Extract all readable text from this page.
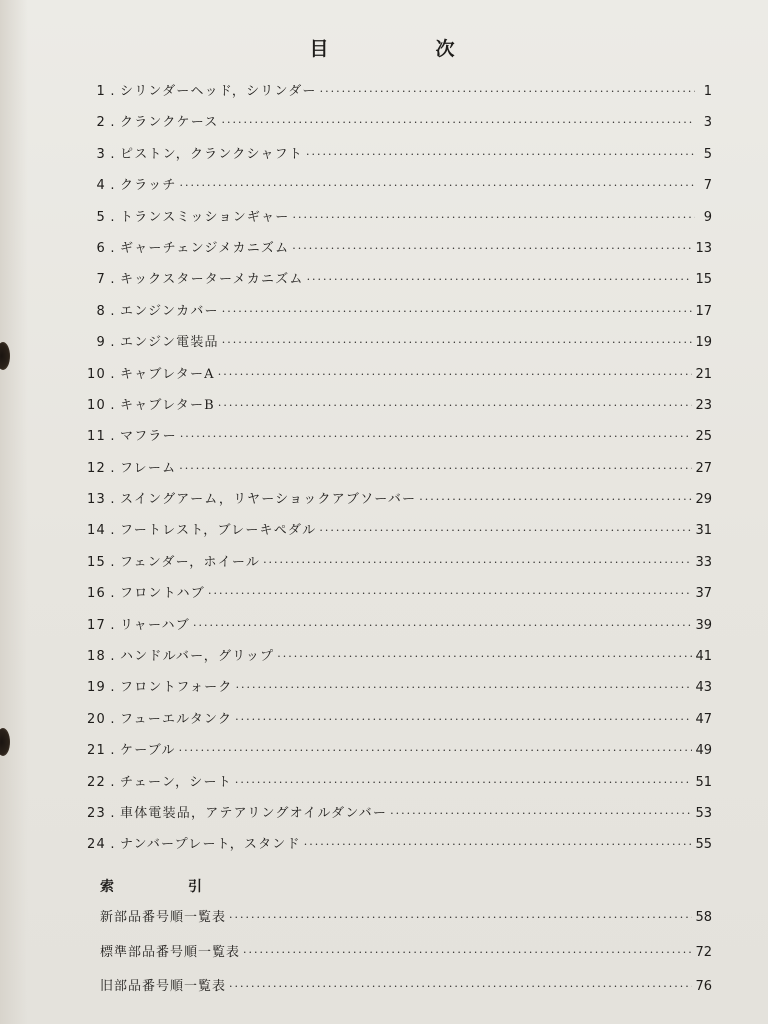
目　次
1 . シリンダーヘッド，シリンダー ·····	1
2 . クランクケース ·····	3
3 . ピストン，クランクシャフト ·····	5
4 . クラッチ ·····	7
5 . トランスミッションギャー ·····	9
6 . ギャーチェンジメカニズム ·····	13
7 . キックスターターメカニズム ·····	15
8 . エンジンカバー ·····	17
9 . エンジン電装品 ·····	19
10 . キャブレターA ·····	21
10 . キャブレターB ·····	23
11 . マフラー ·····	25
12 . フレーム ·····	27
13 . スイングアーム，リヤーショックアブソーバー ·····	29
14 . フートレスト，ブレーキペダル ·····	31
15 . フェンダー，ホイール ·····	33
16 . フロントハブ ·····	37
17 . リャーハブ ·····	39
18 . ハンドルバー，グリップ ·····	41
19 . フロントフォーク ·····	43
20 . フューエルタンク ·····	47
21 . ケーブル ·····	49
22 . チェーン，シート ·····	51
23 . 車体電装品，アテアリングオイルダンバー ·····	53
24 . ナンバープレート，スタンド ·····	55
索　引
新部品番号順一覧表 ·····	58
標準部品番号順一覧表 ·····	72
旧部品番号順一覧表 ·····	76
